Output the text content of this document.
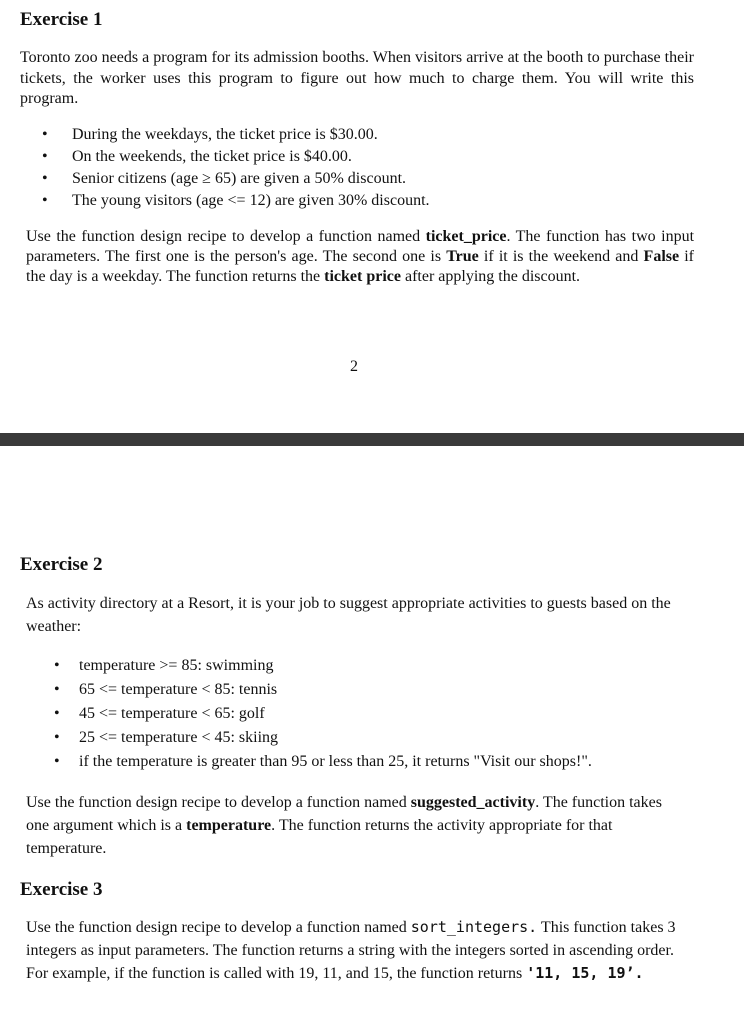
Exercise 1

Toronto zoo needs a program for its admission booths. When visitors arrive at the booth to purchase their tickets, the worker uses this program to figure out how much to charge them. You will write this program.

• During the weekdays, the ticket price is $30.00.
• On the weekends, the ticket price is $40.00.
• Senior citizens (age ≥ 65) are given a 50% discount.
• The young visitors (age <= 12) are given 30% discount.

Use the function design recipe to develop a function named ticket_price. The function has two input parameters. The first one is the person's age. The second one is True if it is the weekend and False if the day is a weekday. The function returns the ticket price after applying the discount.

2

Exercise 2

As activity directory at a Resort, it is your job to suggest appropriate activities to guests based on the weather:

• temperature >= 85: swimming
• 65 <= temperature < 85: tennis
• 45 <= temperature < 65: golf
• 25 <= temperature < 45: skiing
• if the temperature is greater than 95 or less than 25, it returns "Visit our shops!".

Use the function design recipe to develop a function named suggested_activity. The function takes one argument which is a temperature. The function returns the activity appropriate for that temperature.

Exercise 3

Use the function design recipe to develop a function named sort_integers. This function takes 3 integers as input parameters. The function returns a string with the integers sorted in ascending order. For example, if the function is called with 19, 11, and 15, the function returns '11, 15, 19’.
